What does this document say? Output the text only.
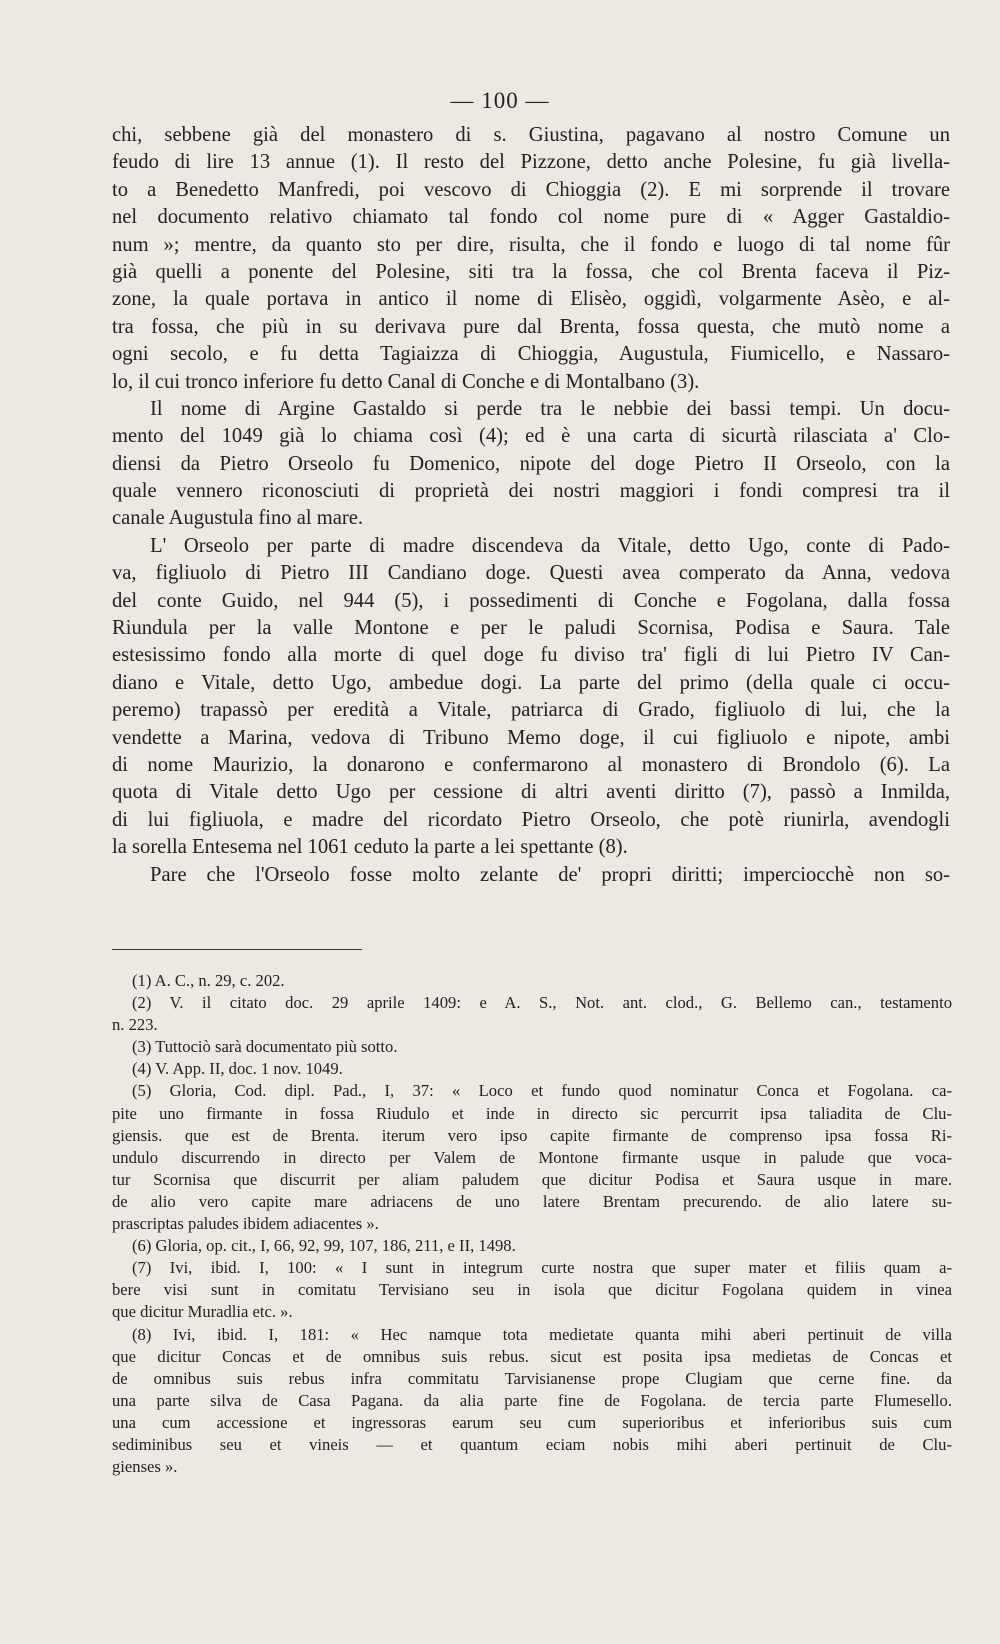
— 100 —
chi, sebbene già del monastero di s. Giustina, pagavano al nostro Comune un
feudo di lire 13 annue (1). Il resto del Pizzone, detto anche Polesine, fu già livella-
to a Benedetto Manfredi, poi vescovo di Chioggia (2). E mi sorprende il trovare
nel documento relativo chiamato tal fondo col nome pure di « Agger Gastaldio-
num »; mentre, da quanto sto per dire, risulta, che il fondo e luogo di tal nome fûr
già quelli a ponente del Polesine, siti tra la fossa, che col Brenta faceva il Piz-
zone, la quale portava in antico il nome di Elisèo, oggidì, volgarmente Asèo, e al-
tra fossa, che più in su derivava pure dal Brenta, fossa questa, che mutò nome a
ogni secolo, e fu detta Tagiaizza di Chioggia, Augustula, Fiumicello, e Nassaro-
lo, il cui tronco inferiore fu detto Canal di Conche e di Montalbano (3).
Il nome di Argine Gastaldo si perde tra le nebbie dei bassi tempi. Un docu-
mento del 1049 già lo chiama così (4); ed è una carta di sicurtà rilasciata a' Clo-
diensi da Pietro Orseolo fu Domenico, nipote del doge Pietro II Orseolo, con la
quale vennero riconosciuti di proprietà dei nostri maggiori i fondi compresi tra il
canale Augustula fino al mare.
L' Orseolo per parte di madre discendeva da Vitale, detto Ugo, conte di Pado-
va, figliuolo di Pietro III Candiano doge. Questi avea comperato da Anna, vedova
del conte Guido, nel 944 (5), i possedimenti di Conche e Fogolana, dalla fossa
Riundula per la valle Montone e per le paludi Scornisa, Podisa e Saura. Tale
estesissimo fondo alla morte di quel doge fu diviso tra' figli di lui Pietro IV Can-
diano e Vitale, detto Ugo, ambedue dogi. La parte del primo (della quale ci occu-
peremo) trapassò per eredità a Vitale, patriarca di Grado, figliuolo di lui, che la
vendette a Marina, vedova di Tribuno Memo doge, il cui figliuolo e nipote, ambi
di nome Maurizio, la donarono e confermarono al monastero di Brondolo (6). La
quota di Vitale detto Ugo per cessione di altri aventi diritto (7), passò a Inmilda,
di lui figliuola, e madre del ricordato Pietro Orseolo, che potè riunirla, avendogli
la sorella Entesema nel 1061 ceduto la parte a lei spettante (8).
Pare che l'Orseolo fosse molto zelante de' propri diritti; imperciocchè non so-
(1) A. C., n. 29, c. 202.
(2) V. il citato doc. 29 aprile 1409: e A. S., Not. ant. clod., G. Bellemo can., testamento
n. 223.
(3) Tuttociò sarà documentato più sotto.
(4) V. App. II, doc. 1 nov. 1049.
(5) Gloria, Cod. dipl. Pad., I, 37: « Loco et fundo quod nominatur Conca et Fogolana. ca-
pite uno firmante in fossa Riudulo et inde in directo sic percurrit ipsa taliadita de Clu-
giensis. que est de Brenta. iterum vero ipso capite firmante de comprenso ipsa fossa Ri-
undulo discurrendo in directo per Valem de Montone firmante usque in palude que voca-
tur Scornisa que discurrit per aliam paludem que dicitur Podisa et Saura usque in mare.
de alio vero capite mare adriacens de uno latere Brentam precurendo. de alio latere su-
prascriptas paludes ibidem adiacentes ».
(6) Gloria, op. cit., I, 66, 92, 99, 107, 186, 211, e II, 1498.
(7) Ivi, ibid. I, 100: « I sunt in integrum curte nostra que super mater et filiis quam a-
bere visi sunt in comitatu Tervisiano seu in isola que dicitur Fogolana quidem in vinea
que dicitur Muradlia etc. ».
(8) Ivi, ibid. I, 181: « Hec namque tota medietate quanta mihi aberi pertinuit de villa
que dicitur Concas et de omnibus suis rebus. sicut est posita ipsa medietas de Concas et
de omnibus suis rebus infra commitatu Tarvisianense prope Clugiam que cerne fine. da
una parte silva de Casa Pagana. da alia parte fine de Fogolana. de tercia parte Flumesello.
una cum accessione et ingressoras earum seu cum superioribus et inferioribus suis cum
sediminibus seu et vineis — et quantum eciam nobis mihi aberi pertinuit de Clu-
gienses ».
